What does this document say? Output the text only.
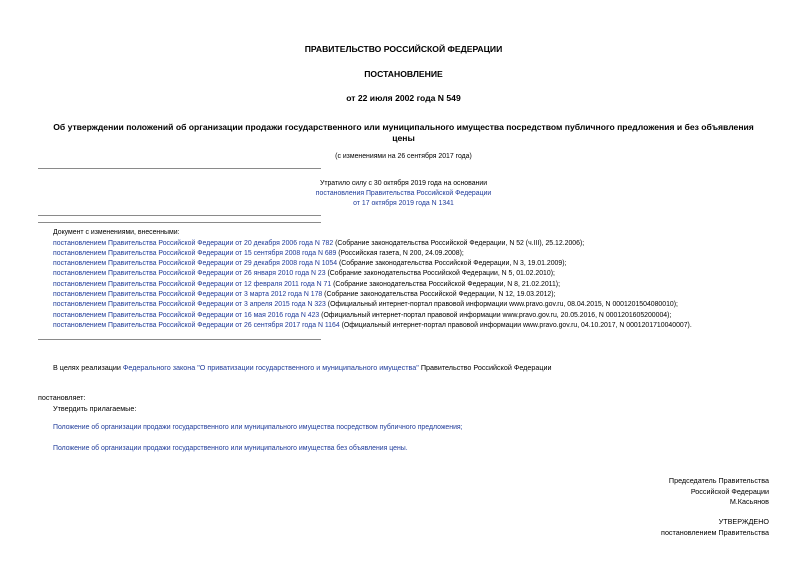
ПРАВИТЕЛЬСТВО РОССИЙСКОЙ ФЕДЕРАЦИИ
ПОСТАНОВЛЕНИЕ
от 22 июля 2002 года N 549
Об утверждении положений об организации продажи государственного или муниципального имущества посредством публичного предложения и без объявления
цены
(с изменениями на 26 сентября 2017 года)
Утратило силу с 30 октября 2019 года на основании
постановления Правительства Российской Федерации
от 17 октября 2019 года N 1341
Документ с изменениями, внесенными:
постановлением Правительства Российской Федерации от 20 декабря 2006 года N 782 (Собрание законодательства Российской Федерации, N 52 (ч.III), 25.12.2006);
постановлением Правительства Российской Федерации от 15 сентября 2008 года N 689 (Российская газета, N 200, 24.09.2008);
постановлением Правительства Российской Федерации от 29 декабря 2008 года N 1054 (Собрание законодательства Российской Федерации, N 3, 19.01.2009);
постановлением Правительства Российской Федерации от 26 января 2010 года N 23 (Собрание законодательства Российской Федерации, N 5, 01.02.2010);
постановлением Правительства Российской Федерации от 12 февраля 2011 года N 71 (Собрание законодательства Российской Федерации, N 8, 21.02.2011);
постановлением Правительства Российской Федерации от 3 марта 2012 года N 178 (Собрание законодательства Российской Федерации, N 12, 19.03.2012);
постановлением Правительства Российской Федерации от 3 апреля 2015 года N 323 (Официальный интернет-портал правовой информации www.pravo.gov.ru, 08.04.2015, N 0001201504080010);
постановлением Правительства Российской Федерации от 16 мая 2016 года N 423 (Официальный интернет-портал правовой информации www.pravo.gov.ru, 20.05.2016, N 0001201605200004);
постановлением Правительства Российской Федерации от 26 сентября 2017 года N 1164 (Официальный интернет-портал правовой информации www.pravo.gov.ru, 04.10.2017, N 0001201710040007).
В целях реализации Федерального закона "О приватизации государственного и муниципального имущества" Правительство Российской Федерации
постановляет:
Утвердить прилагаемые:
Положение об организации продажи государственного или муниципального имущества посредством публичного предложения;
Положение об организации продажи государственного или муниципального имущества без объявления цены.
Председатель Правительства
Российской Федерации
М.Касьянов
УТВЕРЖДЕНО
постановлением Правительства
